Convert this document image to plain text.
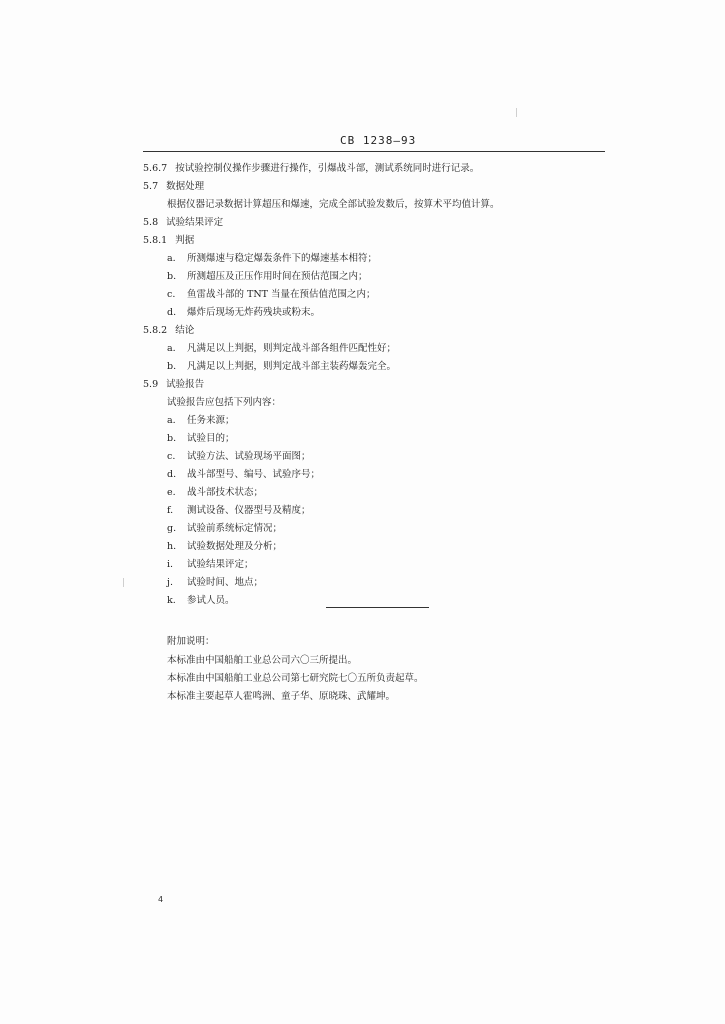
CB 1238—93
5.6.7 按试验控制仪操作步骤进行操作，引爆战斗部，测试系统同时进行记录。
5.7 数据处理
根据仪器记录数据计算超压和爆速，完成全部试验发数后，按算术平均值计算。
5.8 试验结果评定
5.8.1 判据
a. 所测爆速与稳定爆轰条件下的爆速基本相符；
b. 所测超压及正压作用时间在预估范围之内；
c. 鱼雷战斗部的 TNT 当量在预估值范围之内；
d. 爆炸后现场无炸药残块或粉末。
5.8.2 结论
a. 凡满足以上判据，则判定战斗部各组件匹配性好；
b. 凡满足以上判据，则判定战斗部主装药爆轰完全。
5.9 试验报告
试验报告应包括下列内容：
a. 任务来源；
b. 试验目的；
c. 试验方法、试验现场平面图；
d. 战斗部型号、编号、试验序号；
e. 战斗部技术状态；
f. 测试设备、仪器型号及精度；
g. 试验前系统标定情况；
h. 试验数据处理及分析；
i. 试验结果评定；
j. 试验时间、地点；
k. 参试人员。
附加说明：
本标准由中国船舶工业总公司六〇三所提出。
本标准由中国船舶工业总公司第七研究院七〇五所负责起草。
本标准主要起草人霍鸣洲、童子华、原晓珠、武耀坤。
4
